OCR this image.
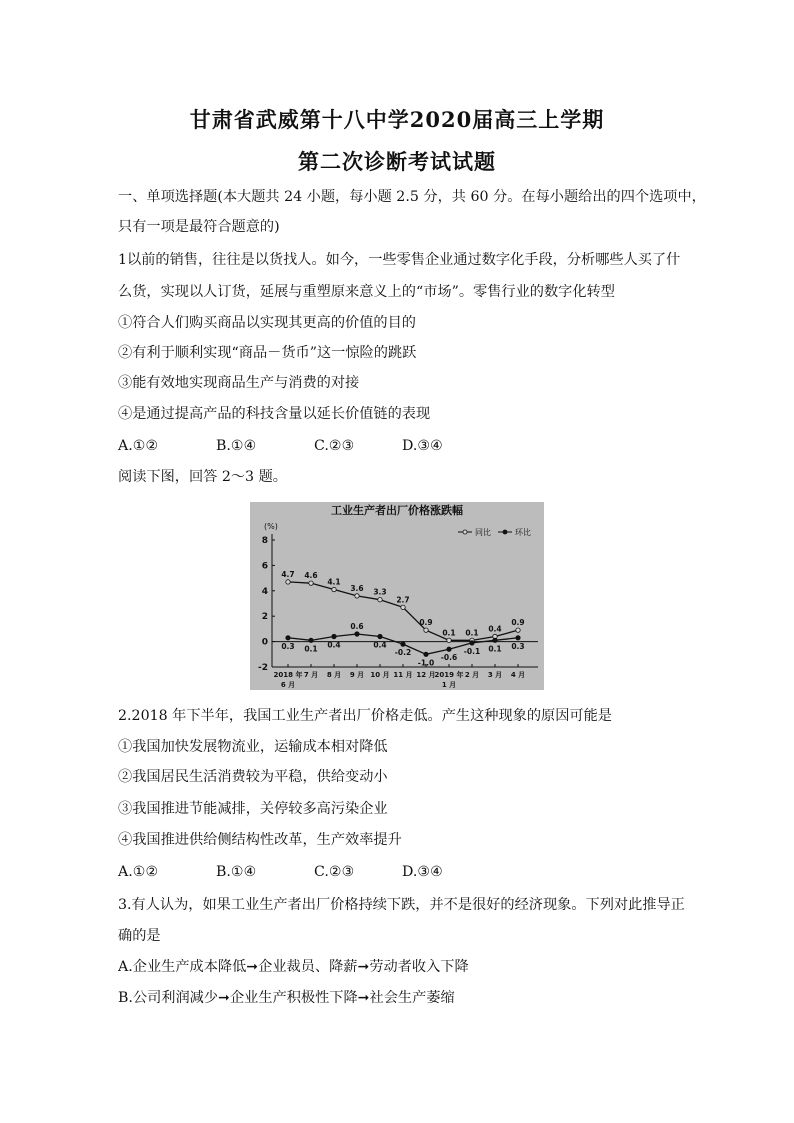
甘肃省武威第十八中学2020届高三上学期
第二次诊断考试试题
一、单项选择题(本大题共 24 小题，每小题 2.5 分，共 60 分。在每小题给出的四个选项中，
只有一项是最符合题意的)
1以前的销售，往往是以货找人。如今，一些零售企业通过数字化手段，分析哪些人买了什
么货，实现以人订货，延展与重塑原来意义上的“市场”。零售行业的数字化转型
①符合人们购买商品以实现其更高的价值的目的
②有利于顺利实现“商品－货币”这一惊险的跳跃
③能有效地实现商品生产与消费的对接
④是通过提高产品的科技含量以延长价值链的表现
A.①②	B.①④	C.②③	D.③④
阅读下图，回答 2～3 题。
工业生产者出厂价格涨跌幅
(%)
8
6
4
2
0
-2
2018 年 7 月 8 月 9 月 10 月 11 月 12 月
2019 年 2 月 3 月 4 月
6 月	1 月
4.7 4.6
4.1
3.6 3.3
2.7
0.9
0.1 0.1 0.4
0.9
0.3 0.1 0.4
0.6
0.4
-0.2
-1.0
-0.6
-0.1 0.1 0.3
同比	环比
2.2018 年下半年，我国工业生产者出厂价格走低。产生这种现象的原因可能是
①我国加快发展物流业，运输成本相对降低
②我国居民生活消费较为平稳，供给变动小
③我国推进节能减排，关停较多高污染企业
④我国推进供给侧结构性改革，生产效率提升
A.①②	B.①④	C.②③	D.③④
3.有人认为，如果工业生产者出厂价格持续下跌，并不是很好的经济现象。下列对此推导正
确的是
A.企业生产成本降低➞企业裁员、降薪➞劳动者收入下降
B.公司利润减少➞企业生产积极性下降➞社会生产萎缩
